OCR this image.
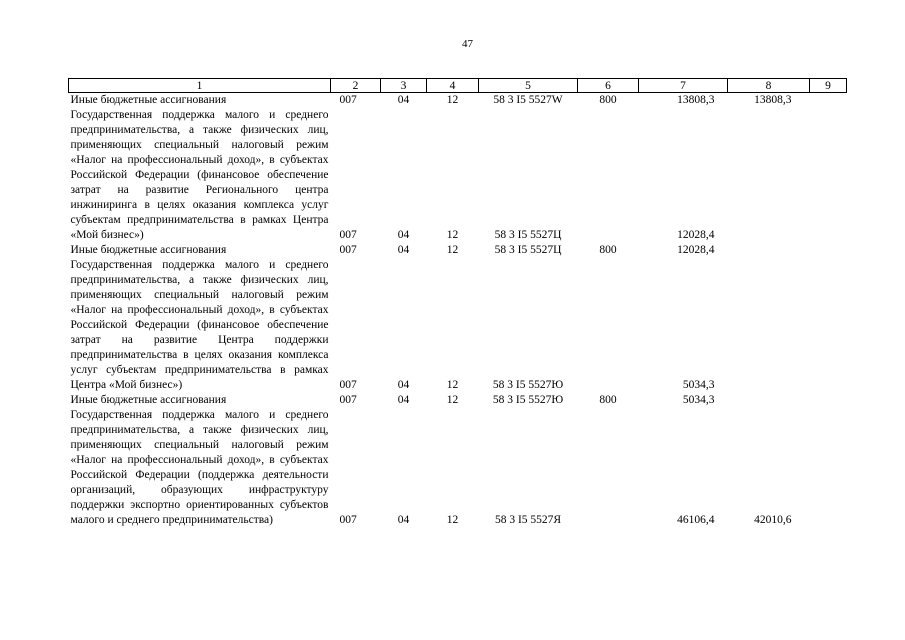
47
1	2	3	4	5	6	7	8	9
Иные бюджетные ассигнования	007	04	12	58 3 I5 5527W	800	13808,3	13808,3	
Государственная поддержка малого и среднего предпринимательства, а также физических лиц, применяющих специальный налоговый режим «Налог на профессиональный доход», в субъектах Российской Федерации (финансовое обеспечение затрат на развитие Регионального центра инжиниринга в целях оказания комплекса услуг субъектам предпринимательства в рамках Центра «Мой бизнес»)	007	04	12	58 3 I5 5527Ц		12028,4		
Иные бюджетные ассигнования	007	04	12	58 3 I5 5527Ц	800	12028,4		
Государственная поддержка малого и среднего предпринимательства, а также физических лиц, применяющих специальный налоговый режим «Налог на профессиональный доход», в субъектах Российской Федерации (финансовое обеспечение затрат на развитие Центра поддержки предпринимательства в целях оказания комплекса услуг субъектам предпринимательства в рамках Центра «Мой бизнес»)	007	04	12	58 3 I5 5527Ю		5034,3		
Иные бюджетные ассигнования	007	04	12	58 3 I5 5527Ю	800	5034,3		
Государственная поддержка малого и среднего предпринимательства, а также физических лиц, применяющих специальный налоговый режим «Налог на профессиональный доход», в субъектах Российской Федерации (поддержка деятельности организаций, образующих инфраструктуру поддержки экспортно ориентированных субъектов малого и среднего предпринимательства)	007	04	12	58 3 I5 5527Я		46106,4	42010,6	
